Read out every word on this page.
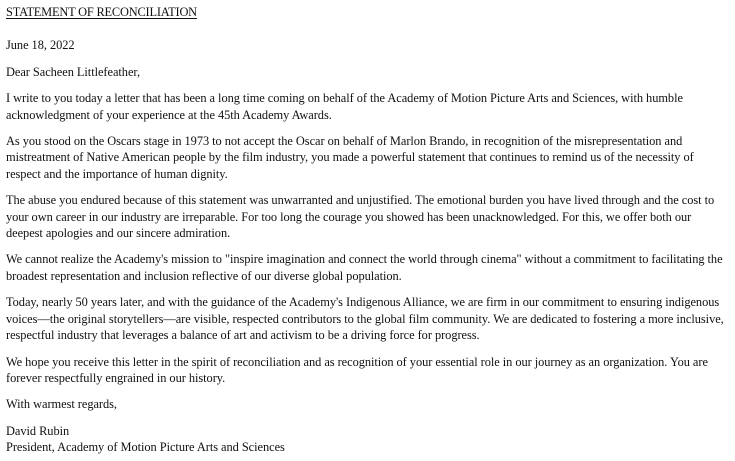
STATEMENT OF RECONCILIATION

June 18, 2022

Dear Sacheen Littlefeather,

I write to you today a letter that has been a long time coming on behalf of the Academy of Motion Picture Arts and Sciences, with humble acknowledgment of your experience at the 45th Academy Awards.

As you stood on the Oscars stage in 1973 to not accept the Oscar on behalf of Marlon Brando, in recognition of the misrepresentation and mistreatment of Native American people by the film industry, you made a powerful statement that continues to remind us of the necessity of respect and the importance of human dignity.

The abuse you endured because of this statement was unwarranted and unjustified. The emotional burden you have lived through and the cost to your own career in our industry are irreparable. For too long the courage you showed has been unacknowledged. For this, we offer both our deepest apologies and our sincere admiration.

We cannot realize the Academy's mission to "inspire imagination and connect the world through cinema" without a commitment to facilitating the broadest representation and inclusion reflective of our diverse global population.

Today, nearly 50 years later, and with the guidance of the Academy's Indigenous Alliance, we are firm in our commitment to ensuring indigenous voices—the original storytellers—are visible, respected contributors to the global film community. We are dedicated to fostering a more inclusive, respectful industry that leverages a balance of art and activism to be a driving force for progress.

We hope you receive this letter in the spirit of reconciliation and as recognition of your essential role in our journey as an organization. You are forever respectfully engrained in our history.

With warmest regards,

David Rubin

President, Academy of Motion Picture Arts and Sciences
